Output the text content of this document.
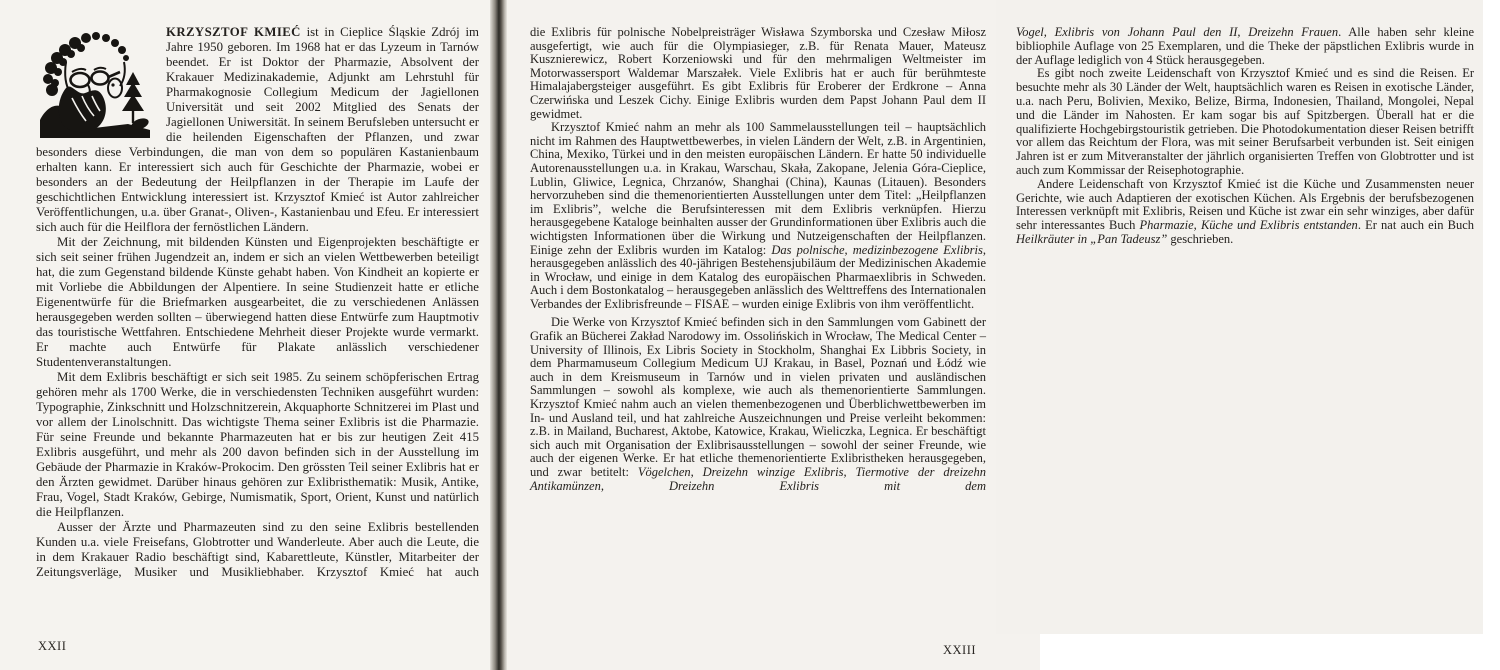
KRZYSZTOF KMIEĆ ist in Cieplice Śląskie Zdrój im Jahre 1950 geboren. Im 1968 hat er das Lyzeum in Tarnów beendet. Er ist Doktor der Pharmazie, Absolvent der Krakauer Medizinakademie, Adjunkt am Lehrstuhl für Pharmakognosie Collegium Medicum der Jagiellonen Universität und seit 2002 Mitglied des Senats der Jagiellonen Uniwersität. In seinem Berufsleben untersucht er die heilenden Eigenschaften der Pflanzen, und zwar besonders diese Verbindungen, die man von dem so populären Kastanienbaum erhalten kann. Er interessiert sich auch für Geschichte der Pharmazie, wobei er besonders an der Bedeutung der Heilpflanzen in der Therapie im Laufe der geschichtlichen Entwicklung interessiert ist. Krzysztof Kmieć ist Autor zahlreicher Veröffentlichungen, u.a. über Granat-, Oliven-, Kastanienbau und Efeu. Er interessiert sich auch für die Heilflora der fernöstlichen Ländern.

Mit der Zeichnung, mit bildenden Künsten und Eigenprojekten beschäftigte er sich seit seiner frühen Jugendzeit an, indem er sich an vielen Wettbewerben beteiligt hat, die zum Gegenstand bildende Künste gehabt haben. Von Kindheit an kopierte er mit Vorliebe die Abbildungen der Alpentiere. In seine Studienzeit hatte er etliche Eigenentwürfe für die Briefmarken ausgearbeitet, die zu verschiedenen Anlässen herausgegeben werden sollten – überwiegend hatten diese Entwürfe zum Hauptmotiv das touristische Wettfahren. Entschiedene Mehrheit dieser Projekte wurde vermarkt. Er machte auch Entwürfe für Plakate anlässlich verschiedener Studentenveranstaltungen.

Mit dem Exlibris beschäftigt er sich seit 1985. Zu seinem schöpferischen Ertrag gehören mehr als 1700 Werke, die in verschiedensten Techniken ausgeführt wurden: Typographie, Zinkschnitt und Holzschnitzerein, Akquaphorte Schnitzerei im Plast und vor allem der Linolschnitt. Das wichtigste Thema seiner Exlibris ist die Pharmazie. Für seine Freunde und bekannte Pharmazeuten hat er bis zur heutigen Zeit 415 Exlibris ausgeführt, und mehr als 200 davon befinden sich in der Ausstellung im Gebäude der Pharmazie in Kraków-Prokocim. Den grössten Teil seiner Exlibris hat er den Ärzten gewidmet. Darüber hinaus gehören zur Exlibristhematik: Musik, Antike, Frau, Vogel, Stadt Kraków, Gebirge, Numismatik, Sport, Orient, Kunst und natürlich die Heilpflanzen.

Ausser der Ärzte und Pharmazeuten sind zu den seine Exlibris bestellenden Kunden u.a. viele Freisefans, Globtrotter und Wanderleute. Aber auch die Leute, die in dem Krakauer Radio beschäftigt sind, Kabarettleute, Künstler, Mitarbeiter der Zeitungsverläge, Musiker und Musikliebhaber. Krzysztof Kmieć hat auch

XXII

die Exlibris für polnische Nobelpreisträger Wisława Szymborska und Czesław Miłosz ausgefertigt, wie auch für die Olympiasieger, z.B. für Renata Mauer, Mateusz Kusznierewicz, Robert Korzeniowski und für den mehrmaligen Weltmeister im Motorwassersport Waldemar Marszałek. Viele Exlibris hat er auch für berühmteste Himalajabergsteiger ausgeführt. Es gibt Exlibris für Eroberer der Erdkrone – Anna Czerwińska und Leszek Cichy. Einige Exlibris wurden dem Papst Johann Paul dem II gewidmet.

Krzysztof Kmieć nahm an mehr als 100 Sammelausstellungen teil – hauptsächlich nicht im Rahmen des Hauptwettbewerbes, in vielen Ländern der Welt, z.B. in Argentinien, China, Mexiko, Türkei und in den meisten europäischen Ländern. Er hatte 50 individuelle Autorenausstellungen u.a. in Krakau, Warschau, Skała, Zakopane, Jelenia Góra-Cieplice, Lublin, Gliwice, Legnica, Chrzanów, Shanghai (China), Kaunas (Litauen). Besonders hervorzuheben sind die themenorientierten Ausstellungen unter dem Titel: „Heilpflanzen im Exlibris”, welche die Berufsinteressen mit dem Exlibris verknüpfen. Hierzu herausgegebene Kataloge beinhalten ausser der Grundinformationen über Exlibris auch die wichtigsten Informationen über die Wirkung und Nutzeigenschaften der Heilpflanzen. Einige zehn der Exlibris wurden im Katalog: Das polnische, medizinbezogene Exlibris, herausgegeben anlässlich des 40-jährigen Bestehensjubiläum der Medizinischen Akademie in Wrocław, und einige in dem Katalog des europäischen Pharmaexlibris in Schweden. Auch i dem Bostonkatalog – herausgegeben anlässlich des Welttreffens des Internationalen Verbandes der Exlibrisfreunde – FISAE – wurden einige Exlibris von ihm veröffentlicht.

Die Werke von Krzysztof Kmieć befinden sich in den Sammlungen vom Gabinett der Grafik an Bücherei Zakład Narodowy im. Ossolińskich in Wrocław, The Medical Center – University of Illinois, Ex Libris Society in Stockholm, Shanghai Ex Libbris Society, in dem Pharmamuseum Collegium Medicum UJ Krakau, in Basel, Poznań und Łódź wie auch in dem Kreismuseum in Tarnów und in vielen privaten und ausländischen Sammlungen – sowohl als komplexe, wie auch als themenorientierte Sammlungen. Krzysztof Kmieć nahm auch an vielen themenbezogenen und Überblichwettbewerben im In- und Ausland teil, und hat zahlreiche Auszeichnungen und Preise verleiht bekommen: z.B. in Mailand, Bucharest, Aktobe, Katowice, Krakau, Wieliczka, Legnica. Er beschäftigt sich auch mit Organisation der Exlibrisausstellungen – sowohl der seiner Freunde, wie auch der eigenen Werke. Er hat etliche themenorientierte Exlibristheken herausgegeben, und zwar betitelt: Vögelchen, Dreizehn winzige Exlibris, Tiermotive der dreizehn Antikamünzen, Dreizehn Exlibris mit dem

XXIII

Vogel, Exlibris von Johann Paul den II, Dreizehn Frauen. Alle haben sehr kleine bibliophile Auflage von 25 Exemplaren, und die Theke der päpstlichen Exlibris wurde in der Auflage lediglich von 4 Stück herausgegeben.

Es gibt noch zweite Leidenschaft von Krzysztof Kmieć und es sind die Reisen. Er besuchte mehr als 30 Länder der Welt, hauptsächlich waren es Reisen in exotische Länder, u.a. nach Peru, Bolivien, Mexiko, Belize, Birma, Indonesien, Thailand, Mongolei, Nepal und die Länder im Nahosten. Er kam sogar bis auf Spitzbergen. Überall hat er die qualifizierte Hochgebirgstouristik getrieben. Die Photodokumentation dieser Reisen betrifft vor allem das Reichtum der Flora, was mit seiner Berufsarbeit verbunden ist. Seit einigen Jahren ist er zum Mitveranstalter der jährlich organisierten Treffen von Globtrotter und ist auch zum Kommissar der Reisephotographie.

Andere Leidenschaft von Krzysztof Kmieć ist die Küche und Zusammensten neuer Gerichte, wie auch Adaptieren der exotischen Küchen. Als Ergebnis der berufsbezogenen Interessen verknüpft mit Exlibris, Reisen und Küche ist zwar ein sehr winziges, aber dafür sehr interessantes Buch Pharmazie, Küche und Exlibris entstanden. Er nat auch ein Buch Heilkräuter in „Pan Tadeusz” geschrieben.
